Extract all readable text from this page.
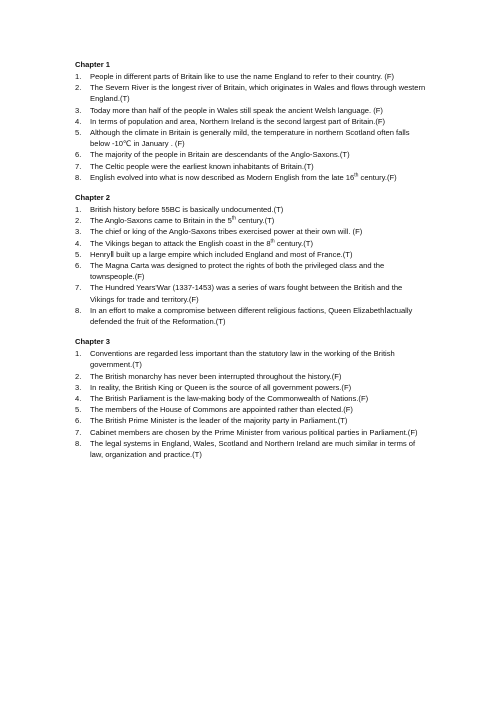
Chapter 1
1. People in different parts of Britain like to use the name England to refer to their country. (F)
2. The Severn River is the longest river of Britain, which originates in Wales and flows through western England.(T)
3. Today more than half of the people in Wales still speak the ancient Welsh language. (F)
4. In terms of population and area, Northern Ireland is the second largest part of Britain.(F)
5. Although the climate in Britain is generally mild, the temperature in northern Scotland often falls below -10℃ in January . (F)
6. The majority of the people in Britain are descendants of the Anglo-Saxons.(T)
7. The Celtic people were the earliest known inhabitants of Britain.(T)
8. English evolved into what is now described as Modern English from the late 16th century.(F)
Chapter 2
1. British history before 55BC is basically undocumented.(T)
2. The Anglo-Saxons came to Britain in the 5th century.(T)
3. The chief or king of the Anglo-Saxons tribes exercised power at their own will. (F)
4. The Vikings began to attack the English coast in the 8th century.(T)
5. HenryⅡ built up a large empire which included England and most of France.(T)
6. The Magna Carta was designed to protect the rights of both the privileged class and the townspeople.(F)
7. The Hundred Years'War (1337-1453) was a series of wars fought between the British and the Vikings for trade and territory.(F)
8. In an effort to make a compromise between different religious factions, Queen ElizabethⅠactually defended the fruit of the Reformation.(T)
Chapter 3
1. Conventions are regarded less important than the statutory law in the working of the British government.(T)
2. The British monarchy has never been interrupted throughout the history.(F)
3. In reality, the British King or Queen is the source of all government powers.(F)
4. The British Parliament is the law-making body of the Commonwealth of Nations.(F)
5. The members of the House of Commons are appointed rather than elected.(F)
6. The British Prime Minister is the leader of the majority party in Parliament.(T)
7. Cabinet members are chosen by the Prime Minister from various political parties in Parliament.(F)
8. The legal systems in England, Wales, Scotland and Northern Ireland are much similar in terms of law, organization and practice.(T)
